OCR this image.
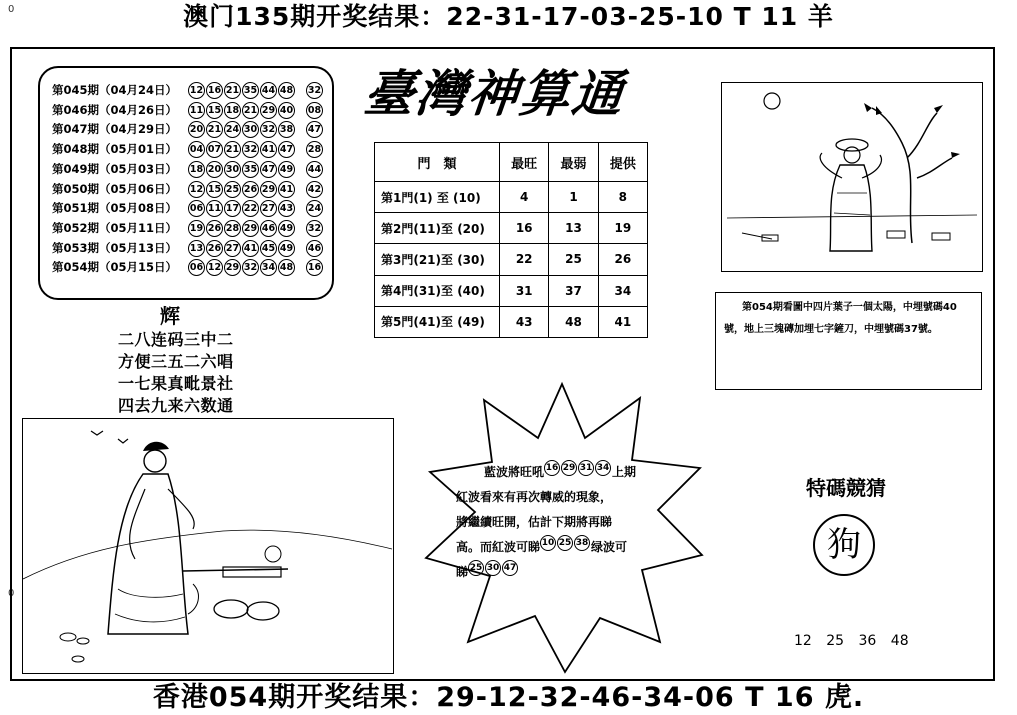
澳门135期开奖结果：22-31-17-03-25-10 T 11 羊
0
0
第045期（04月24日） 12 16 21 35 44 48	32
第046期（04月26日） 11 15 18 21 29 40	08
第047期（04月29日） 20 21 24 30 32 38	47
第048期（05月01日） 04 07 21 32 41 47	28
第049期（05月03日） 18 20 30 35 47 49	44
第050期（05月06日） 12 15 25 26 29 41	42
第051期（05月08日） 06 11 17 22 27 43	24
第052期（05月11日） 19 26 28 29 46 49	32
第053期（05月13日） 13 26 27 41 45 49	46
第054期（05月15日） 06 12 29 32 34 48	16
辉
二八连码三中二
方便三五二六唱
一七果真毗景社
四去九来六数通
臺灣神算通
門　類	最旺	最弱	提供
第1門(1) 至 (10)	4	1	8
第2門(11)至 (20)	16	13	19
第3門(21)至 (30)	22	25	26
第4門(31)至 (40)	31	37	34
第5門(41)至 (49)	43	48	41
第054期看圖中四片葉子一個太陽，中埋號碼40號，地上三塊磚加埋七字鏟刀，中埋號碼37號。
藍波將旺吼 16 29 31 34 上期
紅波看來有再次轉威的現象，
將繼續旺開，估計下期將再睇
高。而紅波可睇 10 25 38 绿波可
睇 25 30 47
特碼競猜
狗
12 25 36 48
香港054期开奖结果：29-12-32-46-34-06 T 16 虎.
